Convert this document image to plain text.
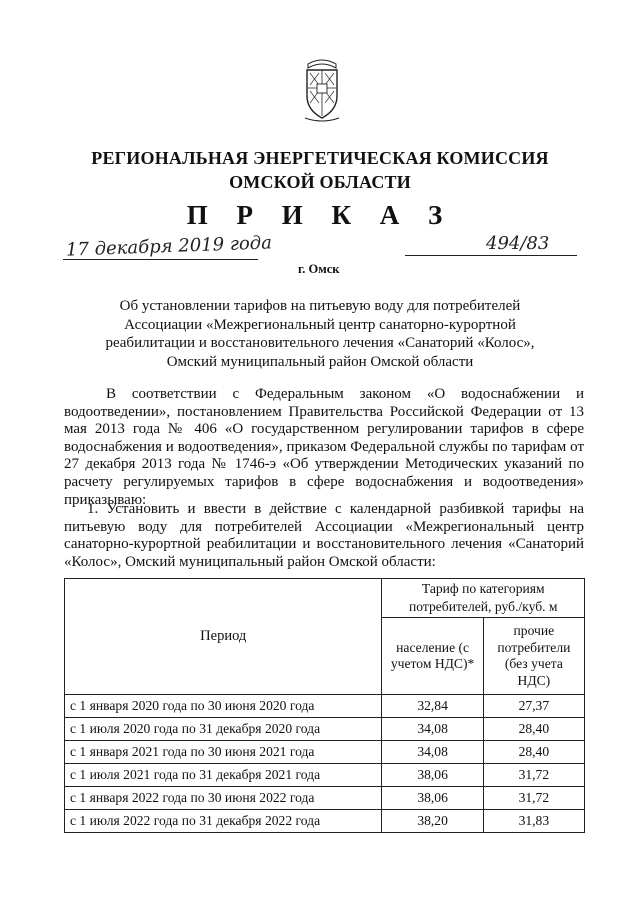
РЕГИОНАЛЬНАЯ ЭНЕРГЕТИЧЕСКАЯ КОМИССИЯ
ОМСКОЙ ОБЛАСТИ
П Р И К А З
17 декабря 2019 года	494/83
г. Омск
Об установлении тарифов на питьевую воду для потребителей
Ассоциации «Межрегиональный центр санаторно-курортной
реабилитации и восстановительного лечения «Санаторий «Колос»,
Омский муниципальный район Омской области
В соответствии с Федеральным законом «О водоснабжении и водоотведении», постановлением Правительства Российской Федерации от 13 мая 2013 года № 406 «О государственном регулировании тарифов в сфере водоснабжения и водоотведения», приказом Федеральной службы по тарифам от 27 декабря 2013 года № 1746-э «Об утверждении Методических указаний по расчету регулируемых тарифов в сфере водоснабжения и водоотведения» приказываю:
1. Установить и ввести в действие с календарной разбивкой тарифы на питьевую воду для потребителей Ассоциации «Межрегиональный центр санаторно-курортной реабилитации и восстановительного лечения «Санаторий «Колос», Омский муниципальный район Омской области:
Период	Тариф по категориям потребителей, руб./куб. м	
	население (с учетом НДС)*	прочие потребители (без учета НДС)
с 1 января 2020 года по 30 июня 2020 года	32,84	27,37
с 1 июля 2020 года по 31 декабря 2020 года	34,08	28,40
с 1 января 2021 года по 30 июня 2021 года	34,08	28,40
с 1 июля 2021 года по 31 декабря 2021 года	38,06	31,72
с 1 января 2022 года по 30 июня 2022 года	38,06	31,72
с 1 июля 2022 года по 31 декабря 2022 года	38,20	31,83
